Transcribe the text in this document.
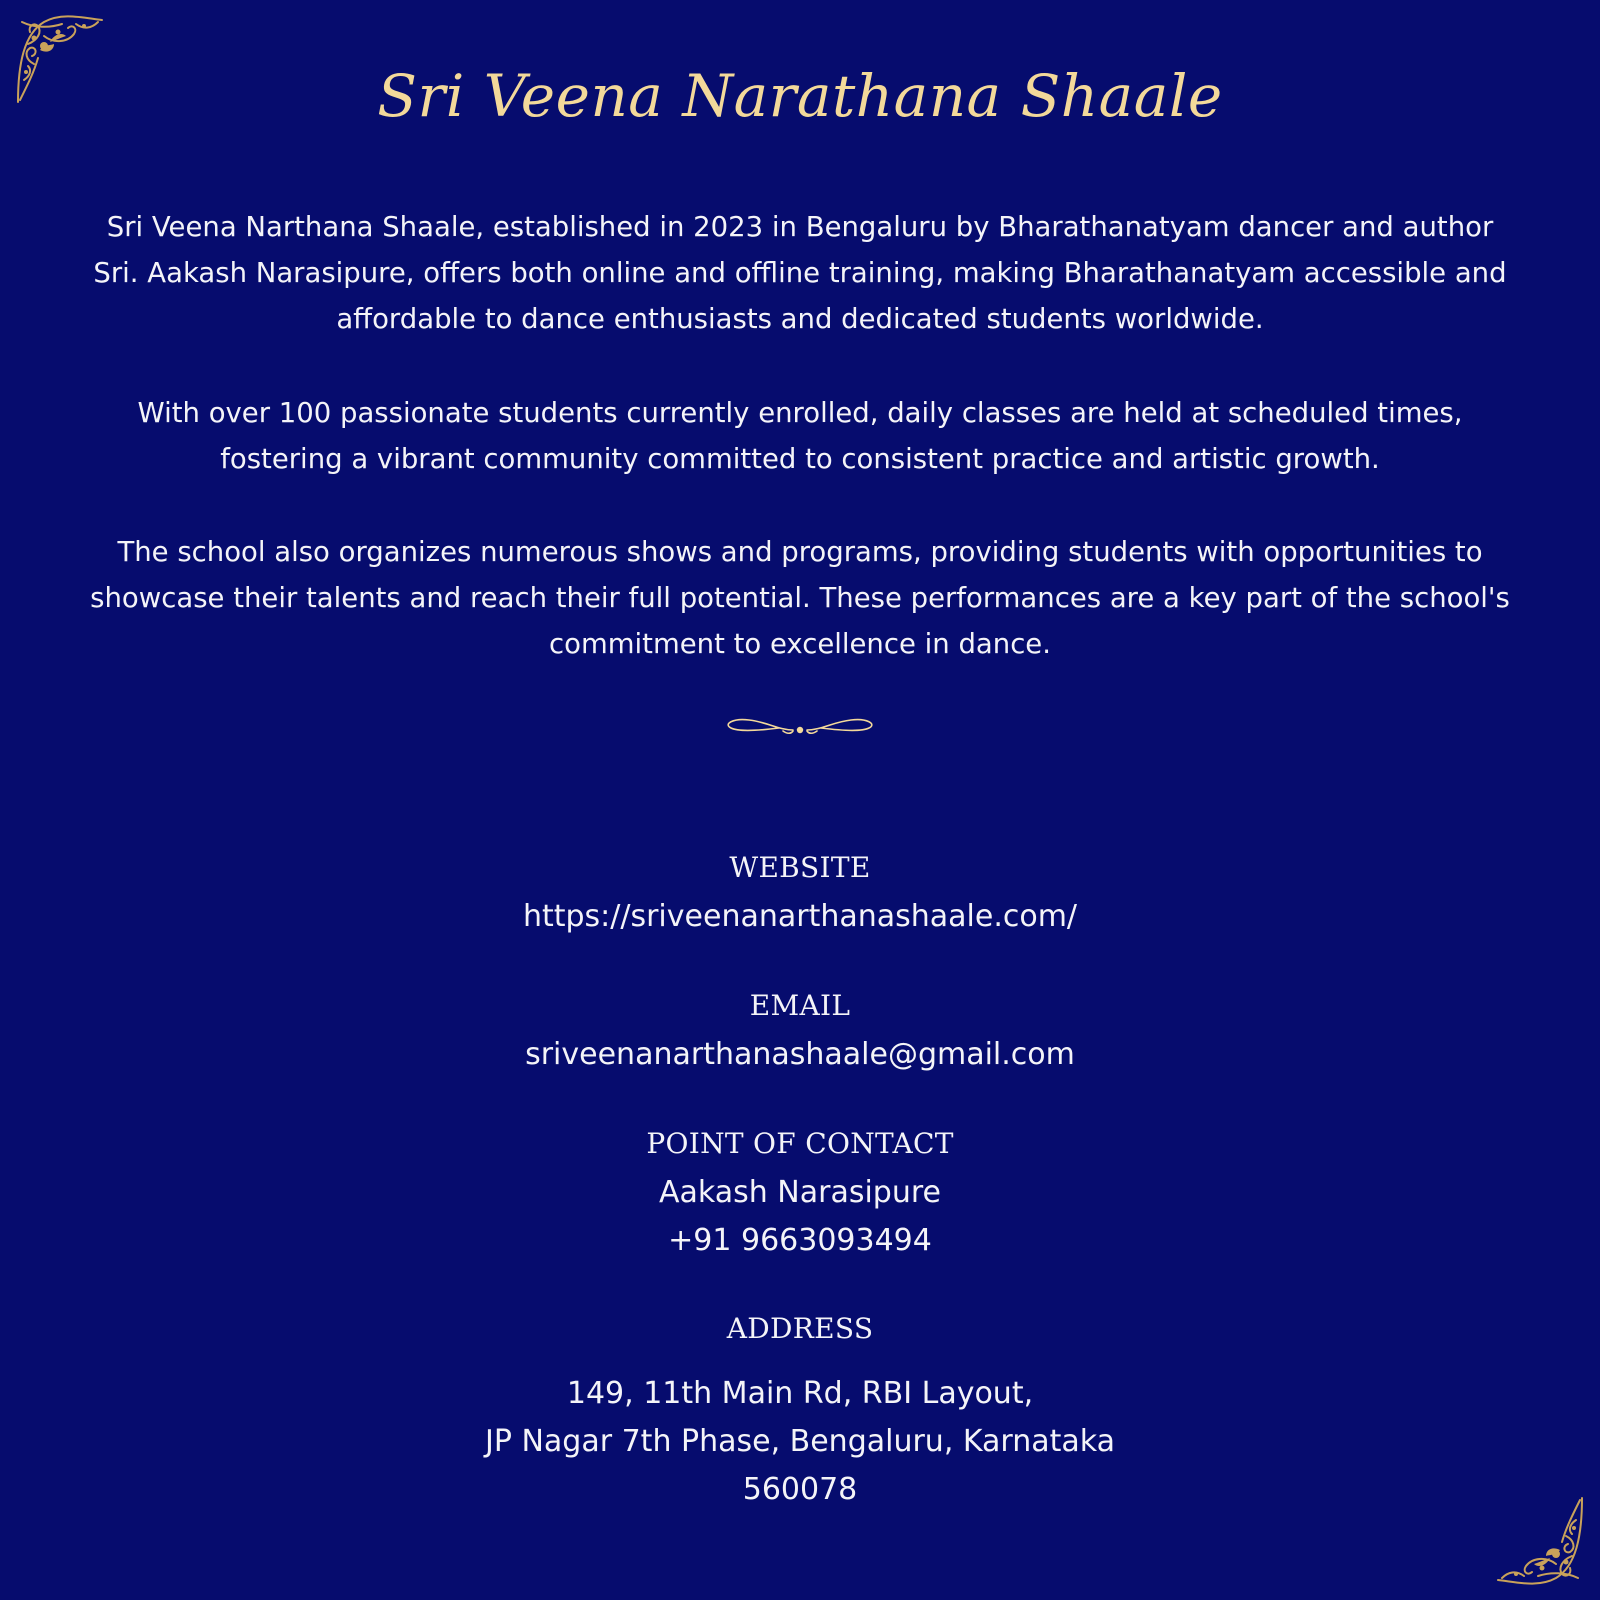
Sri Veena Narathana Shaale

Sri Veena Narthana Shaale, established in 2023 in Bengaluru by Bharathanatyam dancer and author Sri. Aakash Narasipure, offers both online and offline training, making Bharathanatyam accessible and affordable to dance enthusiasts and dedicated students worldwide.

With over 100 passionate students currently enrolled, daily classes are held at scheduled times, fostering a vibrant community committed to consistent practice and artistic growth.

The school also organizes numerous shows and programs, providing students with opportunities to showcase their talents and reach their full potential. These performances are a key part of the school's commitment to excellence in dance.

WEBSITE
https://sriveenanarthanashaale.com/
EMAIL
sriveenanarthanashaale@gmail.com
POINT OF CONTACT
Aakash Narasipure
+91 9663093494
ADDRESS
149, 11th Main Rd, RBI Layout,
JP Nagar 7th Phase, Bengaluru, Karnataka
560078
